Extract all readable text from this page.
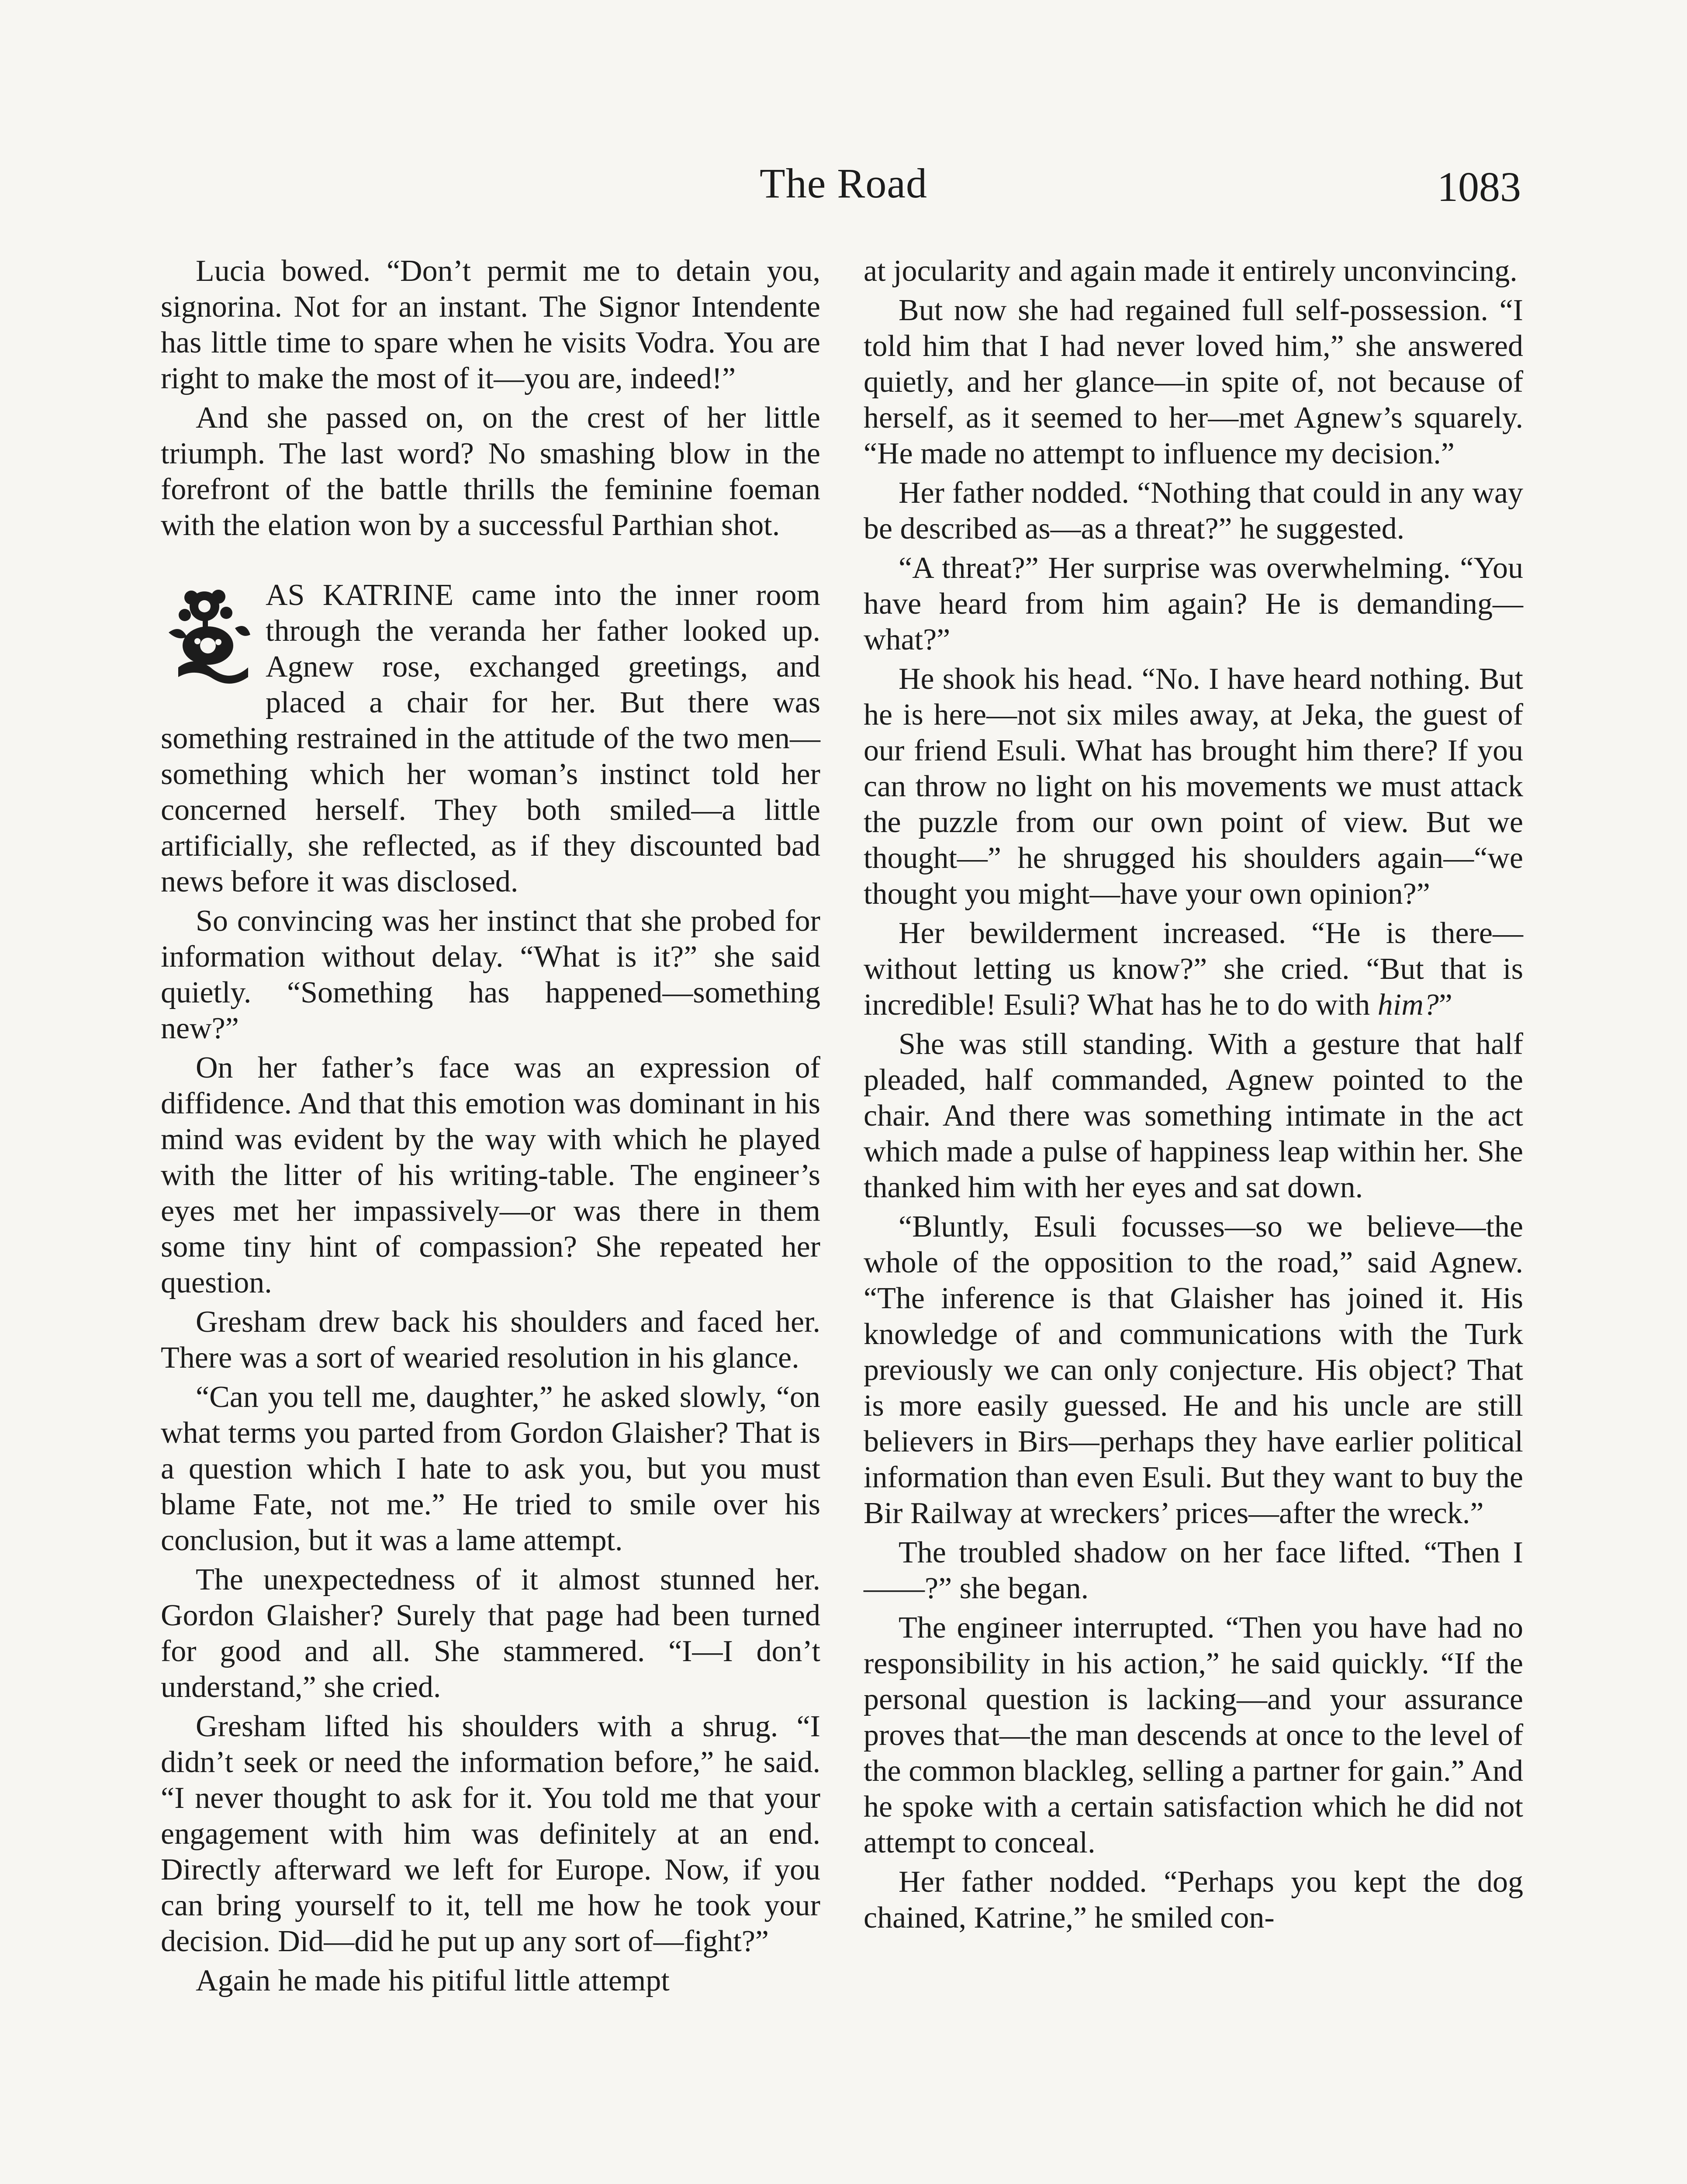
The Road	1083

Lucia bowed. “Don’t permit me to detain you, signorina. Not for an instant. The Signor Intendente has little time to spare when he visits Vodra. You are right to make the most of it—you are, indeed!”

And she passed on, on the crest of her little triumph. The last word? No smashing blow in the forefront of the battle thrills the feminine foeman with the elation won by a successful Parthian shot.

AS KATRINE came into the inner room through the veranda her father looked up. Agnew rose, exchanged greetings, and placed a chair for her. But there was something restrained in the attitude of the two men—something which her woman’s instinct told her concerned herself. They both smiled—a little artificially, she reflected, as if they discounted bad news before it was disclosed.

So convincing was her instinct that she probed for information without delay. “What is it?” she said quietly. “Something has happened—something new?”

On her father’s face was an expression of diffidence. And that this emotion was dominant in his mind was evident by the way with which he played with the litter of his writing-table. The engineer’s eyes met her impassively—or was there in them some tiny hint of compassion? She repeated her question.

Gresham drew back his shoulders and faced her. There was a sort of wearied resolution in his glance.

“Can you tell me, daughter,” he asked slowly, “on what terms you parted from Gordon Glaisher? That is a question which I hate to ask you, but you must blame Fate, not me.” He tried to smile over his conclusion, but it was a lame attempt.

The unexpectedness of it almost stunned her. Gordon Glaisher? Surely that page had been turned for good and all. She stammered. “I—I don’t understand,” she cried.

Gresham lifted his shoulders with a shrug. “I didn’t seek or need the information before,” he said. “I never thought to ask for it. You told me that your engagement with him was definitely at an end. Directly afterward we left for Europe. Now, if you can bring yourself to it, tell me how he took your decision. Did—did he put up any sort of—fight?”

Again he made his pitiful little attempt

at jocularity and again made it entirely unconvincing.

But now she had regained full self-possession. “I told him that I had never loved him,” she answered quietly, and her glance—in spite of, not because of herself, as it seemed to her—met Agnew’s squarely. “He made no attempt to influence my decision.”

Her father nodded. “Nothing that could in any way be described as—as a threat?” he suggested.

“A threat?” Her surprise was overwhelming. “You have heard from him again? He is demanding—what?”

He shook his head. “No. I have heard nothing. But he is here—not six miles away, at Jeka, the guest of our friend Esuli. What has brought him there? If you can throw no light on his movements we must attack the puzzle from our own point of view. But we thought—” he shrugged his shoulders again—“we thought you might—have your own opinion?”

Her bewilderment increased. “He is there—without letting us know?” she cried. “But that is incredible! Esuli? What has he to do with him?”

She was still standing. With a gesture that half pleaded, half commanded, Agnew pointed to the chair. And there was something intimate in the act which made a pulse of happiness leap within her. She thanked him with her eyes and sat down.

“Bluntly, Esuli focusses—so we believe—the whole of the opposition to the road,” said Agnew. “The inference is that Glaisher has joined it. His knowledge of and communications with the Turk previously we can only conjecture. His object? That is more easily guessed. He and his uncle are still believers in Birs—perhaps they have earlier political information than even Esuli. But they want to buy the Bir Railway at wreckers’ prices—after the wreck.”

The troubled shadow on her face lifted. “Then I——?” she began.

The engineer interrupted. “Then you have had no responsibility in his action,” he said quickly. “If the personal question is lacking—and your assurance proves that—the man descends at once to the level of the common blackleg, selling a partner for gain.” And he spoke with a certain satisfaction which he did not attempt to conceal.

Her father nodded. “Perhaps you kept the dog chained, Katrine,” he smiled con-
